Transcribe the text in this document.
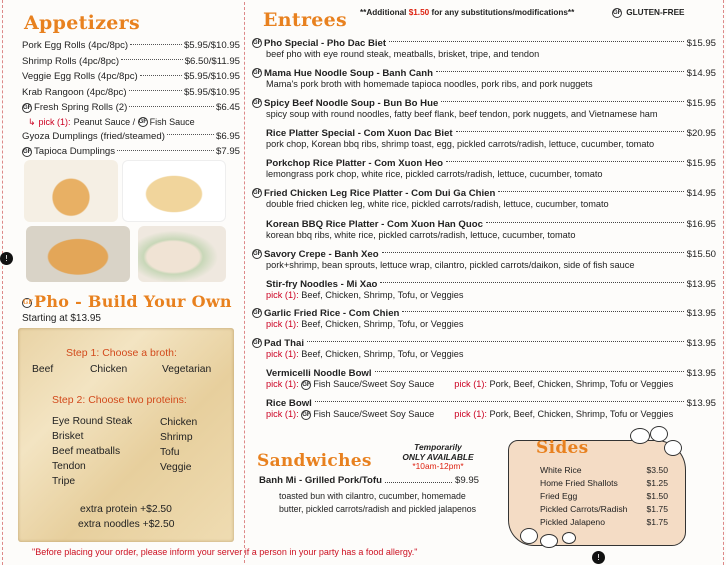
Appetizers
Pork Egg Rolls (4pc/8pc)	$5.95/$10.95
Shrimp Rolls (4pc/8pc)	$6.50/$11.95
Veggie Egg Rolls (4pc/8pc)	$5.95/$10.95
Krab Rangoon (4pc/8pc)	$5.95/$10.95
GF Fresh Spring Rolls (2)	$6.45
↳ pick (1): Peanut Sauce /
GF Fish Sauce
Gyoza Dumplings (fried/steamed)	$6.95
GF Tapioca Dumplings	$7.95
!
GFPho - Build Your Own
Starting at $13.95
Step 1: Choose a broth:
Beef	Chicken	Vegetarian
Step 2: Choose two proteins:
Eye Round Steak
Brisket
Beef meatballs
Tendon
Tripe
Chicken
Shrimp
Tofu
Veggie
extra protein +$2.50
extra noodles +$2.50
"Before placing your order, please inform your server if a person in your party has a food allergy."
Entrees **Additional $1.50 for any substitutions/modifications**	GF GLUTEN-FREE
GF Pho Special - Pho Dac Biet	$15.95
beef pho with eye round steak, meatballs, brisket, tripe, and tendon
GF Mama Hue Noodle Soup - Banh Canh	$14.95
Mama's pork broth with homemade tapioca noodles, pork ribs, and pork nuggets
GF Spicy Beef Noodle Soup - Bun Bo Hue	$15.95
spicy soup with round noodles, fatty beef flank, beef tendon, pork nuggets, and Vietnamese ham
Rice Platter Special - Com Xuon Dac Biet	$20.95
pork chop, Korean bbq ribs, shrimp toast, egg, pickled carrots/radish, lettuce, cucumber, tomato
Porkchop Rice Platter - Com Xuon Heo	$15.95
lemongrass pork chop, white rice, pickled carrots/radish, lettuce, cucumber, tomato
GF Fried Chicken Leg Rice Platter - Com Dui Ga Chien	$14.95
double fried chicken leg, white rice, pickled carrots/radish, lettuce, cucumber, tomato
Korean BBQ Rice Platter - Com Xuon Han Quoc	$16.95
korean bbq ribs, white rice, pickled carrots/radish, lettuce, cucumber, tomato
GF Savory Crepe - Banh Xeo	$15.50
pork+shrimp, bean sprouts, lettuce wrap, cilantro, pickled carrots/daikon, side of fish sauce
Stir-fry Noodles - Mi Xao	$13.95
pick (1): Beef, Chicken, Shrimp, Tofu, or Veggies
GF Garlic Fried Rice - Com Chien	$13.95
pick (1): Beef, Chicken, Shrimp, Tofu, or Veggies
GF Pad Thai	$13.95
pick (1): Beef, Chicken, Shrimp, Tofu, or Veggies
Vermicelli Noodle Bowl	$13.95
pick (1): GF Fish Sauce/Sweet Soy Sauce pick (1): Pork, Beef, Chicken, Shrimp, Tofu or Veggies
Rice Bowl	$13.95
pick (1): GF Fish Sauce/Sweet Soy Sauce pick (1): Pork, Beef, Chicken, Shrimp, Tofu or Veggies
Sandwiches
Temporarily
ONLY AVAILABLE
*10am-12pm*
Banh Mi - Grilled Pork/Tofu	$9.95
toasted bun with cilantro, cucumber, homemade
butter, pickled carrots/radish and pickled jalapenos
Sides
White Rice	$3.50
Home Fried Shallots	$1.25
Fried Egg	$1.50
Pickled Carrots/Radish $1.75
Pickled Jalapeno	$1.75
!
